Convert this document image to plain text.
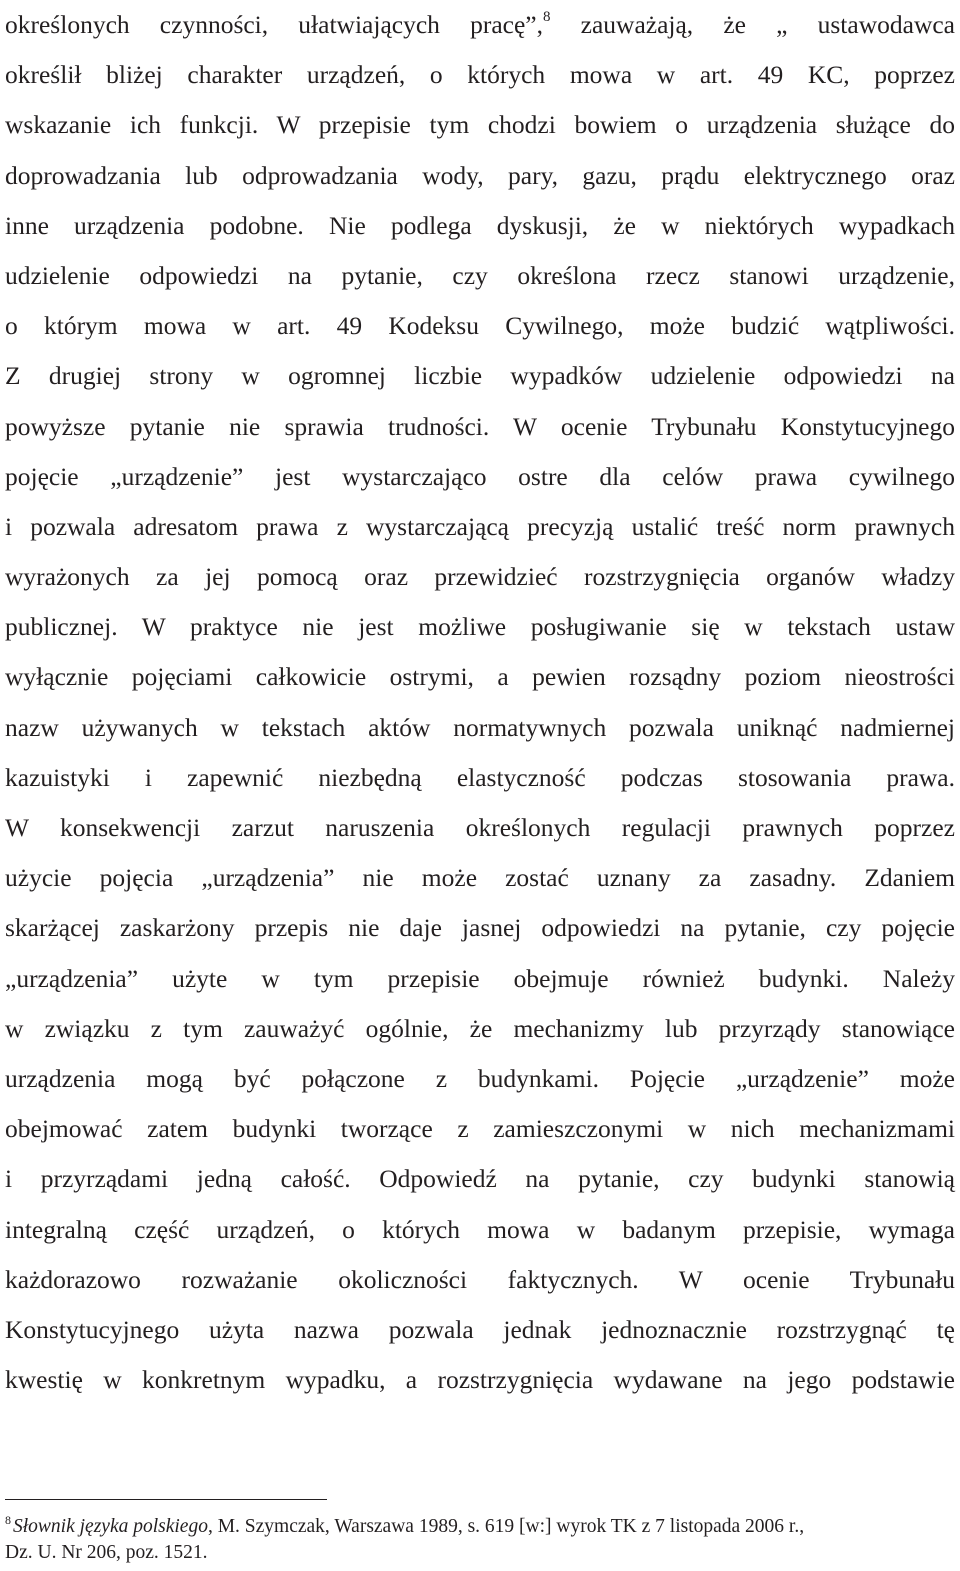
określonych czynności, ułatwiających pracę”,$^8$ zauważają, że „ ustawodawca
określił bliżej charakter urządzeń, o których mowa w art. 49 KC, poprzez
wskazanie ich funkcji. W przepisie tym chodzi bowiem o urządzenia służące do
doprowadzania lub odprowadzania wody, pary, gazu, prądu elektrycznego oraz
inne urządzenia podobne. Nie podlega dyskusji, że w niektórych wypadkach
udzielenie odpowiedzi na pytanie, czy określona rzecz stanowi urządzenie,
o którym mowa w art. 49 Kodeksu Cywilnego, może budzić wątpliwości.
Z drugiej strony w ogromnej liczbie wypadków udzielenie odpowiedzi na
powyższe pytanie nie sprawia trudności. W ocenie Trybunału Konstytucyjnego
pojęcie „urządzenie” jest wystarczająco ostre dla celów prawa cywilnego
i pozwala adresatom prawa z wystarczającą precyzją ustalić treść norm prawnych
wyrażonych za jej pomocą oraz przewidzieć rozstrzygnięcia organów władzy
publicznej. W praktyce nie jest możliwe posługiwanie się w tekstach ustaw
wyłącznie pojęciami całkowicie ostrymi, a pewien rozsądny poziom nieostrości
nazw używanych w tekstach aktów normatywnych pozwala uniknąć nadmiernej
kazuistyki i zapewnić niezbędną elastyczność podczas stosowania prawa.
W konsekwencji zarzut naruszenia określonych regulacji prawnych poprzez
użycie pojęcia „urządzenia” nie może zostać uznany za zasadny. Zdaniem
skarżącej zaskarżony przepis nie daje jasnej odpowiedzi na pytanie, czy pojęcie
„urządzenia” użyte w tym przepisie obejmuje również budynki. Należy
w związku z tym zauważyć ogólnie, że mechanizmy lub przyrządy stanowiące
urządzenia mogą być połączone z budynkami. Pojęcie „urządzenie” może
obejmować zatem budynki tworzące z zamieszczonymi w nich mechanizmami
i przyrządami jedną całość. Odpowiedź na pytanie, czy budynki stanowią
integralną część urządzeń, o których mowa w badanym przepisie, wymaga
każdorazowo rozważanie okoliczności faktycznych. W ocenie Trybunału
Konstytucyjnego użyta nazwa pozwala jednak jednoznacznie rozstrzygnąć tę
kwestię w konkretnym wypadku, a rozstrzygnięcia wydawane na jego podstawie
$^8$ Słownik języka polskiego, M. Szymczak, Warszawa 1989, s. 619 [w:] wyrok TK z 7 listopada 2006 r.,
Dz. U. Nr 206, poz. 1521.
